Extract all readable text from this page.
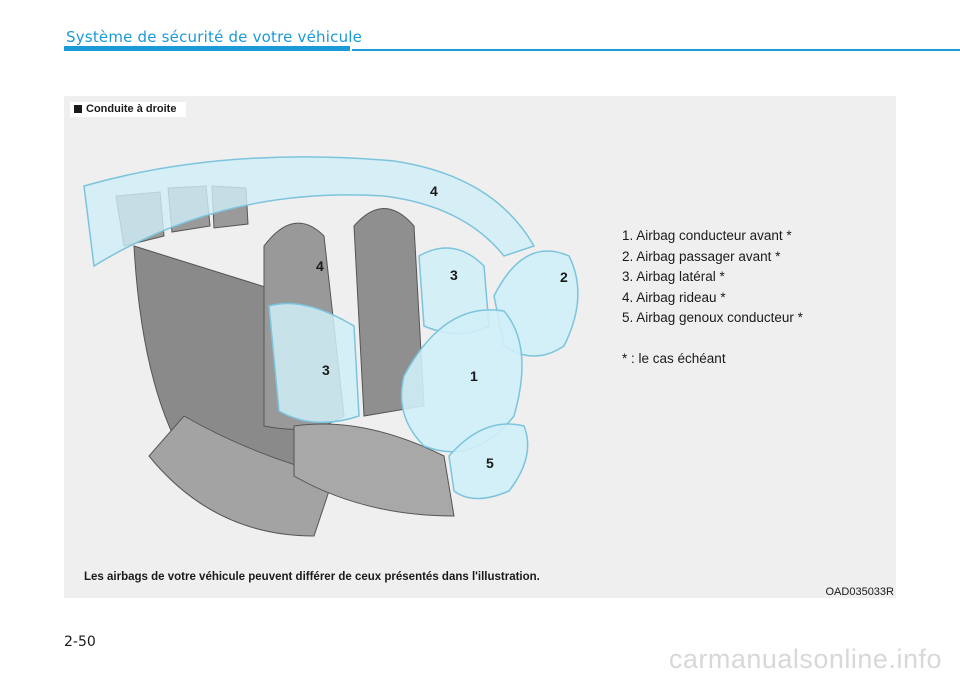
Système de sécurité de votre véhicule
1
2
3
3
4
4
5
Conduite à droite
1. Airbag conducteur avant *
2. Airbag passager avant *
3. Airbag latéral *
4. Airbag rideau *
5. Airbag genoux conducteur *
* : le cas échéant
Les airbags de votre véhicule peuvent différer de ceux présentés dans l'illustration.
OAD035033R
2-50
carmanualsonline.info
